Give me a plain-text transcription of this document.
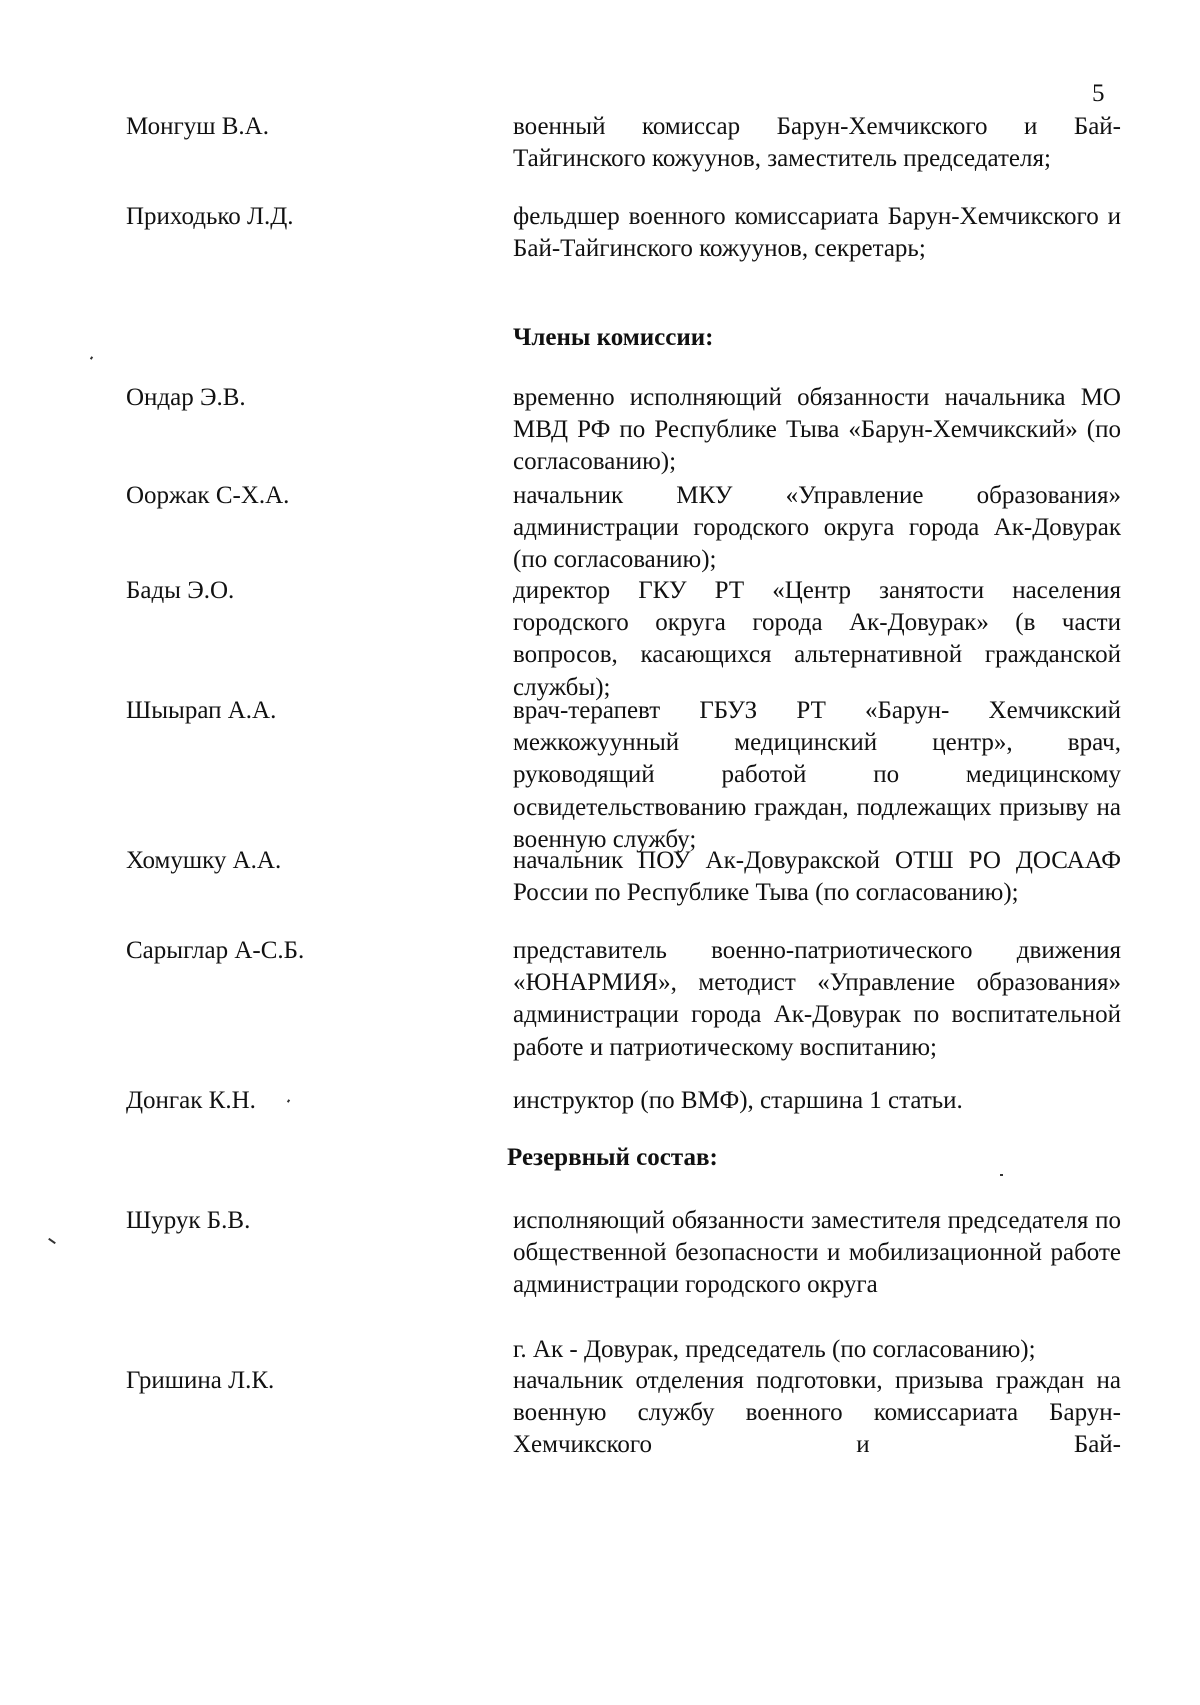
5
Монгуш В.А.	военный комиссар Барун-Хемчикского и Бай-Тайгинского кожуунов, заместитель председателя;
Приходько Л.Д.	фельдшер военного комиссариата Барун-Хемчикского и Бай-Тайгинского кожуунов, секретарь;
Члены комиссии:
Ондар Э.В.	временно исполняющий обязанности начальника МО МВД РФ по Республике Тыва «Барун-Хемчикский» (по согласованию);
Ооржак С-Х.А.	начальник МКУ «Управление образования» администрации городского округа города Ак-Довурак (по согласованию);
Бады Э.О.	директор ГКУ РТ «Центр занятости населения городского округа города Ак-Довурак» (в части вопросов, касающихся альтернативной гражданской службы);
Шыырап А.А.	врач-терапевт ГБУЗ РТ «Барун- Хемчикский межкожуунный медицинский центр», врач, руководящий работой по медицинскому освидетельствованию граждан, подлежащих призыву на военную службу;
Хомушку А.А.	начальник ПОУ Ак-Довуракской ОТШ РО ДОСААФ России по Республике Тыва (по согласованию);
Сарыглар А-С.Б.	представитель военно-патриотического движения «ЮНАРМИЯ», методист «Управление образования» администрации города Ак-Довурак по воспитательной работе и патриотическому воспитанию;
Донгак К.Н.	инструктор (по ВМФ), старшина 1 статьи.
Резервный состав:
Шурук Б.В.	исполняющий обязанности заместителя председателя по общественной безопасности и мобилизационной работе администрации городского округа
г. Ак - Довурак, председатель (по согласованию);
Гришина Л.К.	начальник отделения подготовки, призыва граждан на военную службу военного комиссариата Барун-Хемчикского и Бай-
